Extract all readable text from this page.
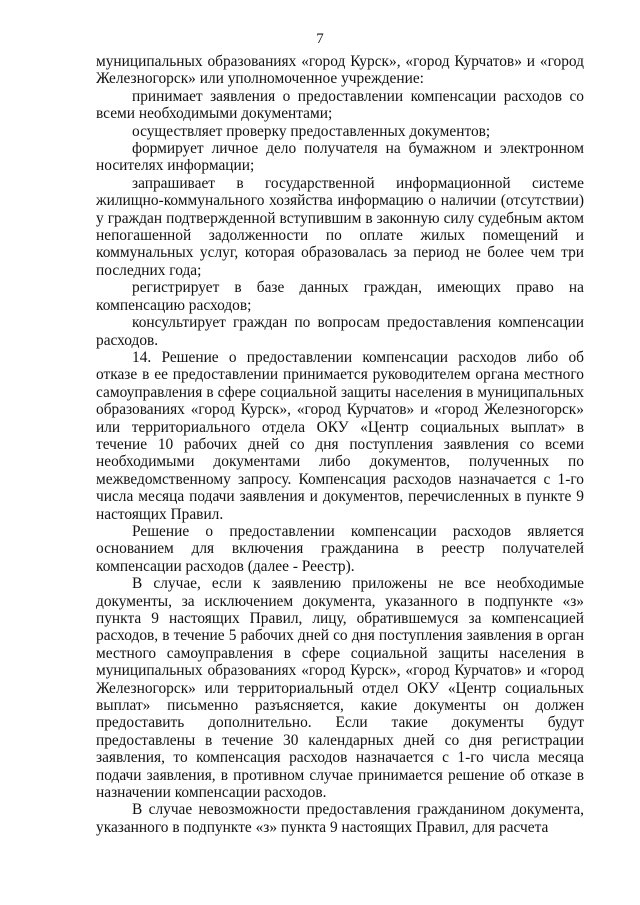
7

муниципальных образованиях «город Курск», «город Курчатов» и «город Железногорск» или уполномоченное учреждение:

принимает заявления о предоставлении компенсации расходов со всеми необходимыми документами;

осуществляет проверку предоставленных документов;

формирует личное дело получателя на бумажном и электронном носителях информации;

запрашивает в государственной информационной системе жилищно-коммунального хозяйства информацию о наличии (отсутствии) у граждан подтвержденной вступившим в законную силу судебным актом непогашенной задолженности по оплате жилых помещений и коммунальных услуг, которая образовалась за период не более чем три последних года;

регистрирует в базе данных граждан, имеющих право на компенсацию расходов;

консультирует граждан по вопросам предоставления компенсации расходов.

14. Решение о предоставлении компенсации расходов либо об отказе в ее предоставлении принимается руководителем органа местного самоуправления в сфере социальной защиты населения в муниципальных образованиях «город Курск», «город Курчатов» и «город Железногорск» или территориального отдела ОКУ «Центр социальных выплат» в течение 10 рабочих дней со дня поступления заявления со всеми необходимыми документами либо документов, полученных по межведомственному запросу. Компенсация расходов назначается с 1-го числа месяца подачи заявления и документов, перечисленных в пункте 9 настоящих Правил.

Решение о предоставлении компенсации расходов является основанием для включения гражданина в реестр получателей компенсации расходов (далее - Реестр).

В случае, если к заявлению приложены не все необходимые документы, за исключением документа, указанного в подпункте «з» пункта 9 настоящих Правил, лицу, обратившемуся за компенсацией расходов, в течение 5 рабочих дней со дня поступления заявления в орган местного самоуправления в сфере социальной защиты населения в муниципальных образованиях «город Курск», «город Курчатов» и «город Железногорск» или территориальный отдел ОКУ «Центр социальных выплат» письменно разъясняется, какие документы он должен предоставить дополнительно. Если такие документы будут предоставлены в течение 30 календарных дней со дня регистрации заявления, то компенсация расходов назначается с 1-го числа месяца подачи заявления, в противном случае принимается решение об отказе в назначении компенсации расходов.

В случае невозможности предоставления гражданином документа, указанного в подпункте «з» пункта 9 настоящих Правил, для расчета
